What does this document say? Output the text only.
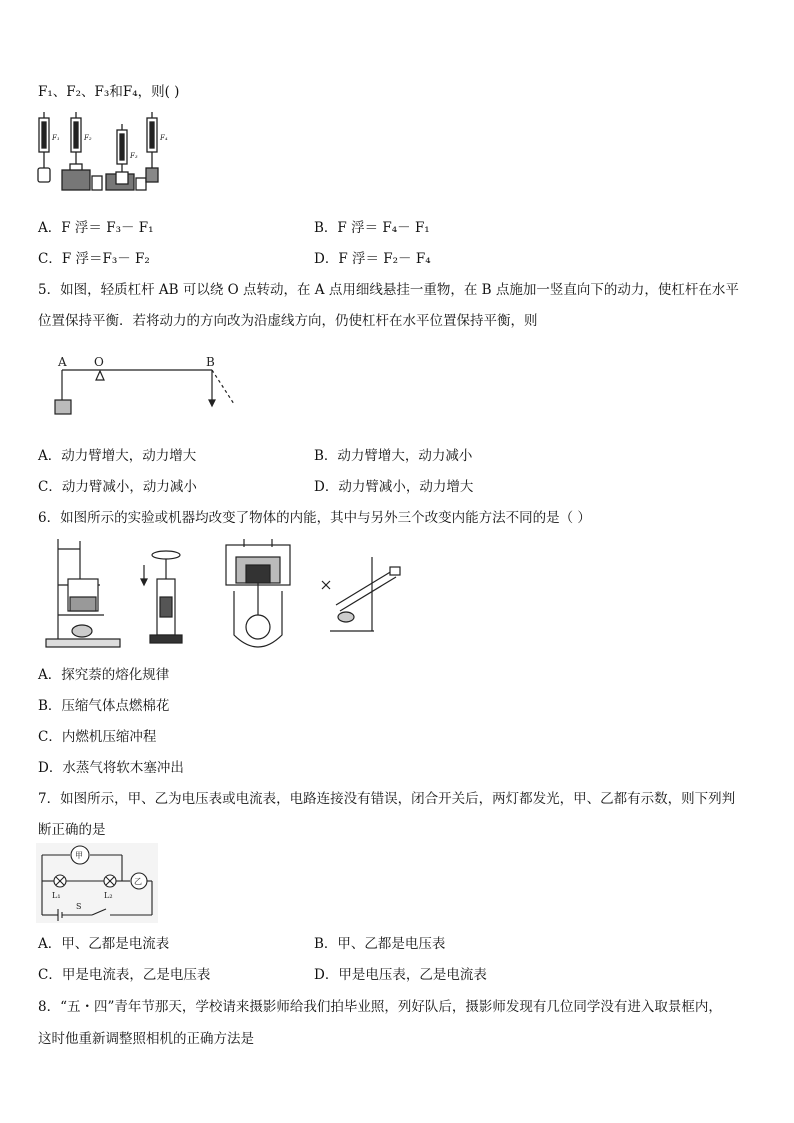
F₁、F₂、F₃和F₄，则( )
F₁	F₂
F₃
F₄
A．F 浮＝ F₃－ F₁	B．F 浮＝ F₄－ F₁
C．F 浮＝F₃－ F₂	D．F 浮＝ F₂－ F₄
5．如图，轻质杠杆 AB 可以绕 O 点转动，在 A 点用细线悬挂一重物，在 B 点施加一竖直向下的动力，使杠杆在水平
位置保持平衡．若将动力的方向改为沿虚线方向，仍使杠杆在水平位置保持平衡，则
A O	B
A．动力臂增大，动力增大	B．动力臂增大，动力减小
C．动力臂减小，动力减小	D．动力臂减小，动力增大
6．如图所示的实验或机器均改变了物体的内能，其中与另外三个改变内能方法不同的是（ ）
A．探究萘的熔化规律
B．压缩气体点燃棉花
C．内燃机压缩冲程
D．水蒸气将软木塞冲出
7．如图所示，甲、乙为电压表或电流表，电路连接没有错误，闭合开关后，两灯都发光，甲、乙都有示数，则下列判
断正确的是
甲
乙
L₁	L₂
S
A．甲、乙都是电流表	B．甲、乙都是电压表
C．甲是电流表，乙是电压表	D．甲是电压表，乙是电流表
8．“五・四”青年节那天，学校请来摄影师给我们拍毕业照，列好队后，摄影师发现有几位同学没有进入取景框内，
这时他重新调整照相机的正确方法是
